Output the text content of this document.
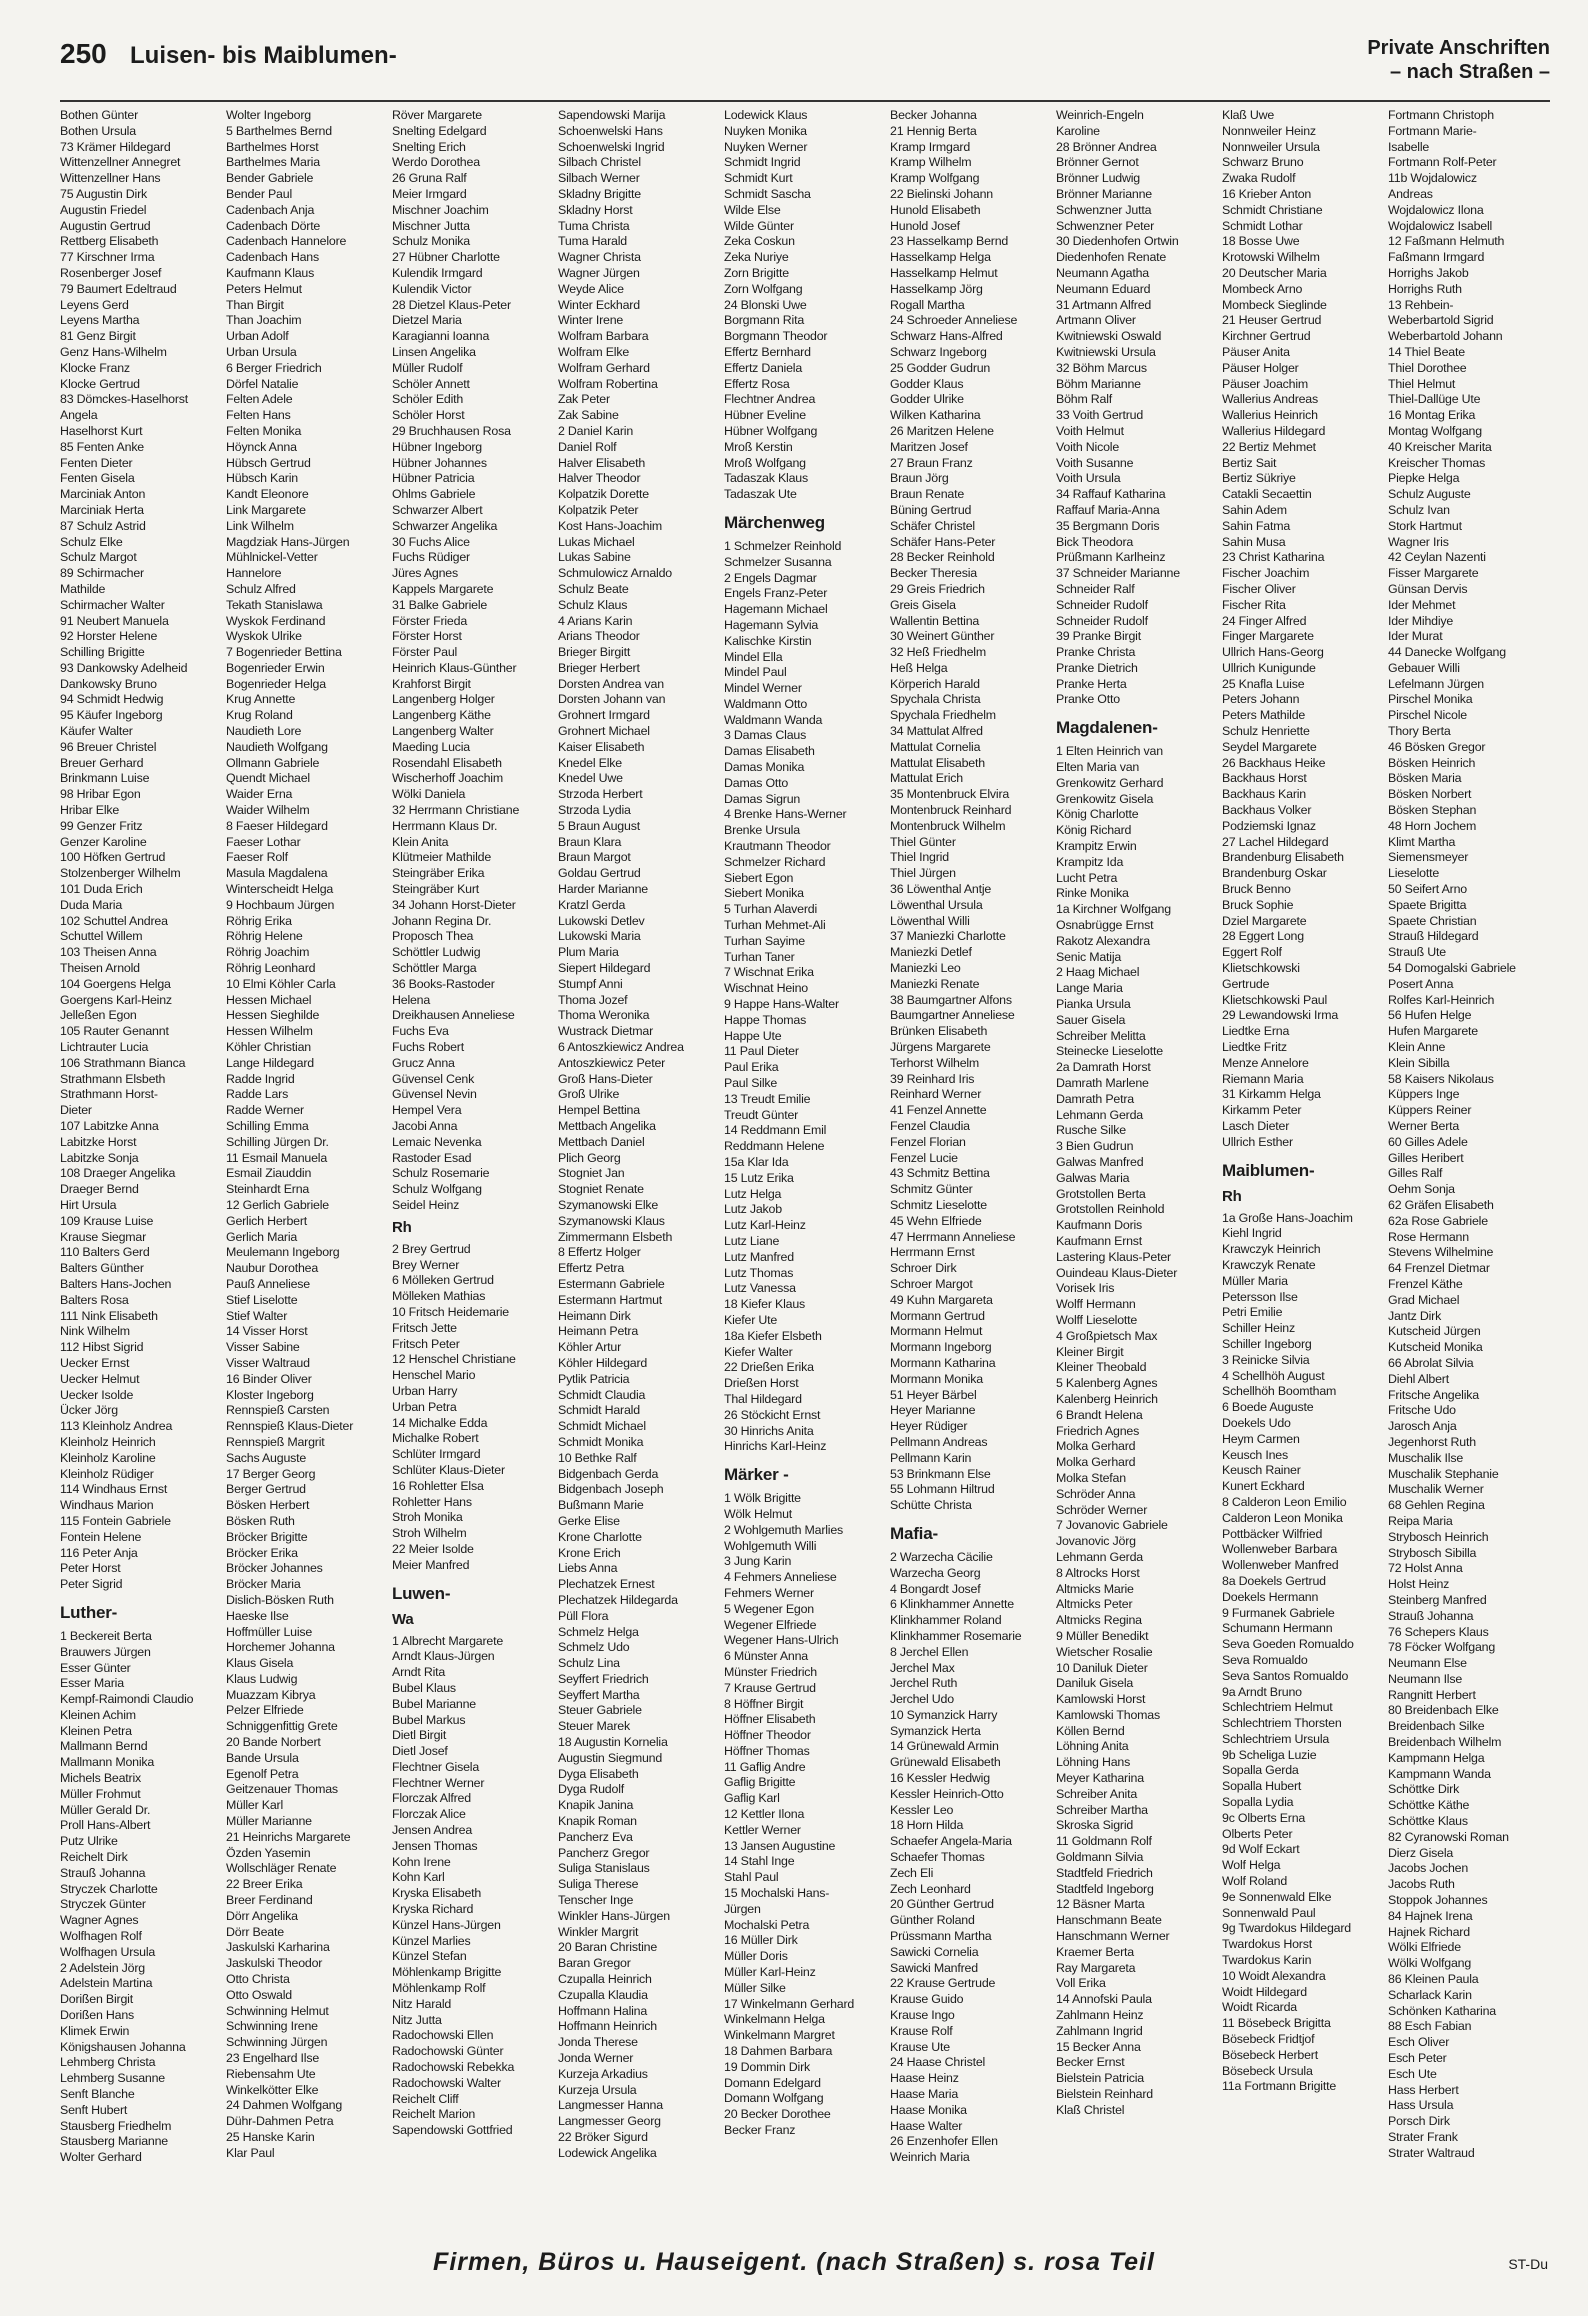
250 Luisen- bis Maiblumen-	Private Anschriften
– nach Straßen –
Bothen Günter
Bothen Ursula
73 Krämer Hildegard
Wittenzellner Annegret
Wittenzellner Hans
75 Augustin Dirk
Augustin Friedel
Augustin Gertrud
Rettberg Elisabeth
77 Kirschner Irma
Rosenberger Josef
79 Baumert Edeltraud
Leyens Gerd
Leyens Martha
81 Genz Birgit
Genz Hans-Wilhelm
Klocke Franz
Klocke Gertrud
83 Dömckes-Haselhorst
Angela
Haselhorst Kurt
85 Fenten Anke
Fenten Dieter
Fenten Gisela
Marciniak Anton
Marciniak Herta
87 Schulz Astrid
Schulz Elke
Schulz Margot
89 Schirmacher
Mathilde
Schirmacher Walter
91 Neubert Manuela
92 Horster Helene
Schilling Brigitte
93 Dankowsky Adelheid
Dankowsky Bruno
94 Schmidt Hedwig
95 Käufer Ingeborg
Käufer Walter
96 Breuer Christel
Breuer Gerhard
Brinkmann Luise
98 Hribar Egon
Hribar Elke
99 Genzer Fritz
Genzer Karoline
100 Höfken Gertrud
Stolzenberger Wilhelm
101 Duda Erich
Duda Maria
102 Schuttel Andrea
Schuttel Willem
103 Theisen Anna
Theisen Arnold
104 Goergens Helga
Goergens Karl-Heinz
Jelleßen Egon
105 Rauter Genannt
Lichtrauter Lucia
106 Strathmann Bianca
Strathmann Elsbeth
Strathmann Horst-
Dieter
107 Labitzke Anna
Labitzke Horst
Labitzke Sonja
108 Draeger Angelika
Draeger Bernd
Hirt Ursula
109 Krause Luise
Krause Siegmar
110 Balters Gerd
Balters Günther
Balters Hans-Jochen
Balters Rosa
111 Nink Elisabeth
Nink Wilhelm
112 Hibst Sigrid
Uecker Ernst
Uecker Helmut
Uecker Isolde
Ücker Jörg
113 Kleinholz Andrea
Kleinholz Heinrich
Kleinholz Karoline
Kleinholz Rüdiger
114 Windhaus Ernst
Windhaus Marion
115 Fontein Gabriele
Fontein Helene
116 Peter Anja
Peter Horst
Peter Sigrid
Luther-
1 Beckereit Berta
Brauwers Jürgen
Esser Günter
Esser Maria
Kempf-Raimondi Claudio
Kleinen Achim
Kleinen Petra
Mallmann Bernd
Mallmann Monika
Michels Beatrix
Müller Frohmut
Müller Gerald Dr.
Proll Hans-Albert
Putz Ulrike
Reichelt Dirk
Strauß Johanna
Stryczek Charlotte
Stryczek Günter
Wagner Agnes
Wolfhagen Rolf
Wolfhagen Ursula
2 Adelstein Jörg
Adelstein Martina
Dorißen Birgit
Dorißen Hans
Klimek Erwin
Königshausen Johanna
Lehmberg Christa
Lehmberg Susanne
Senft Blanche
Senft Hubert
Stausberg Friedhelm
Stausberg Marianne
Wolter Gerhard
Wolter Ingeborg
5 Barthelmes Bernd
Barthelmes Horst
Barthelmes Maria
Bender Gabriele
Bender Paul
Cadenbach Anja
Cadenbach Dörte
Cadenbach Hannelore
Cadenbach Hans
Kaufmann Klaus
Peters Helmut
Than Birgit
Than Joachim
Urban Adolf
Urban Ursula
6 Berger Friedrich
Dörfel Natalie
Felten Adele
Felten Hans
Felten Monika
Höynck Anna
Hübsch Gertrud
Hübsch Karin
Kandt Eleonore
Link Margarete
Link Wilhelm
Magdziak Hans-Jürgen
Mühlnickel-Vetter
Hannelore
Schulz Alfred
Tekath Stanislawa
Wyskok Ferdinand
Wyskok Ulrike
7 Bogenrieder Bettina
Bogenrieder Erwin
Bogenrieder Helga
Krug Annette
Krug Roland
Naudieth Lore
Naudieth Wolfgang
Ollmann Gabriele
Quendt Michael
Waider Erna
Waider Wilhelm
8 Faeser Hildegard
Faeser Lothar
Faeser Rolf
Masula Magdalena
Winterscheidt Helga
9 Hochbaum Jürgen
Röhrig Erika
Röhrig Helene
Röhrig Joachim
Röhrig Leonhard
10 Elmi Köhler Carla
Hessen Michael
Hessen Sieghilde
Hessen Wilhelm
Köhler Christian
Lange Hildegard
Radde Ingrid
Radde Lars
Radde Werner
Schilling Emma
Schilling Jürgen Dr.
11 Esmail Manuela
Esmail Ziauddin
Steinhardt Erna
12 Gerlich Gabriele
Gerlich Herbert
Gerlich Maria
Meulemann Ingeborg
Naubur Dorothea
Pauß Anneliese
Stief Liselotte
Stief Walter
14 Visser Horst
Visser Sabine
Visser Waltraud
16 Binder Oliver
Kloster Ingeborg
Rennspieß Carsten
Rennspieß Klaus-Dieter
Rennspieß Margrit
Sachs Auguste
17 Berger Georg
Berger Gertrud
Bösken Herbert
Bösken Ruth
Bröcker Brigitte
Bröcker Erika
Bröcker Johannes
Bröcker Maria
Dislich-Bösken Ruth
Haeske Ilse
Hoffmüller Luise
Horchemer Johanna
Klaus Gisela
Klaus Ludwig
Muazzam Kibrya
Pelzer Elfriede
Schniggenfittig Grete
20 Bande Norbert
Bande Ursula
Egenolf Petra
Geitzenauer Thomas
Müller Karl
Müller Marianne
21 Heinrichs Margarete
Özden Yasemin
Wollschläger Renate
22 Breer Erika
Breer Ferdinand
Dörr Angelika
Dörr Beate
Jaskulski Karharina
Jaskulski Theodor
Otto Christa
Otto Oswald
Schwinning Helmut
Schwinning Irene
Schwinning Jürgen
23 Engelhard Ilse
Riebensahm Ute
Winkelkötter Elke
24 Dahmen Wolfgang
Dühr-Dahmen Petra
25 Hanske Karin
Klar Paul
Röver Margarete
Snelting Edelgard
Snelting Erich
Werdo Dorothea
26 Gruna Ralf
Meier Irmgard
Mischner Joachim
Mischner Jutta
Schulz Monika
27 Hübner Charlotte
Kulendik Irmgard
Kulendik Victor
28 Dietzel Klaus-Peter
Dietzel Maria
Karagianni Ioanna
Linsen Angelika
Müller Rudolf
Schöler Annett
Schöler Edith
Schöler Horst
29 Bruchhausen Rosa
Hübner Ingeborg
Hübner Johannes
Hübner Patricia
Ohlms Gabriele
Schwarzer Albert
Schwarzer Angelika
30 Fuchs Alice
Fuchs Rüdiger
Jüres Agnes
Kappels Margarete
31 Balke Gabriele
Förster Frieda
Förster Horst
Förster Paul
Heinrich Klaus-Günther
Krahforst Birgit
Langenberg Holger
Langenberg Käthe
Langenberg Walter
Maeding Lucia
Rosendahl Elisabeth
Wischerhoff Joachim
Wölki Daniela
32 Herrmann Christiane
Herrmann Klaus Dr.
Klein Anita
Klütmeier Mathilde
Steingräber Erika
Steingräber Kurt
34 Johann Horst-Dieter
Johann Regina Dr.
Proposch Thea
Schöttler Ludwig
Schöttler Marga
36 Books-Rastoder
Helena
Dreikhausen Anneliese
Fuchs Eva
Fuchs Robert
Grucz Anna
Güvensel Cenk
Güvensel Nevin
Hempel Vera
Jacobi Anna
Lemaic Nevenka
Rastoder Esad
Schulz Rosemarie
Schulz Wolfgang
Seidel Heinz
Rh
2 Brey Gertrud
Brey Werner
6 Mölleken Gertrud
Mölleken Mathias
10 Fritsch Heidemarie
Fritsch Jette
Fritsch Peter
12 Henschel Christiane
Henschel Mario
Urban Harry
Urban Petra
14 Michalke Edda
Michalke Robert
Schlüter Irmgard
Schlüter Klaus-Dieter
16 Rohletter Elsa
Rohletter Hans
Stroh Monika
Stroh Wilhelm
22 Meier Isolde
Meier Manfred
Luwen-
Wa
1 Albrecht Margarete
Arndt Klaus-Jürgen
Arndt Rita
Bubel Klaus
Bubel Marianne
Bubel Markus
Dietl Birgit
Dietl Josef
Flechtner Gisela
Flechtner Werner
Florczak Alfred
Florczak Alice
Jensen Andrea
Jensen Thomas
Kohn Irene
Kohn Karl
Kryska Elisabeth
Kryska Richard
Künzel Hans-Jürgen
Künzel Marlies
Künzel Stefan
Möhlenkamp Brigitte
Möhlenkamp Rolf
Nitz Harald
Nitz Jutta
Radochowski Ellen
Radochowski Günter
Radochowski Rebekka
Radochowski Walter
Reichelt Cliff
Reichelt Marion
Sapendowski Gottfried
Sapendowski Marija
Schoenwelski Hans
Schoenwelski Ingrid
Silbach Christel
Silbach Werner
Skladny Brigitte
Skladny Horst
Tuma Christa
Tuma Harald
Wagner Christa
Wagner Jürgen
Weyde Alice
Winter Eckhard
Winter Irene
Wolfram Barbara
Wolfram Elke
Wolfram Gerhard
Wolfram Robertina
Zak Peter
Zak Sabine
2 Daniel Karin
Daniel Rolf
Halver Elisabeth
Halver Theodor
Kolpatzik Dorette
Kolpatzik Peter
Kost Hans-Joachim
Lukas Michael
Lukas Sabine
Schmulowicz Arnaldo
Schulz Beate
Schulz Klaus
4 Arians Karin
Arians Theodor
Brieger Birgitt
Brieger Herbert
Dorsten Andrea van
Dorsten Johann van
Grohnert Irmgard
Grohnert Michael
Kaiser Elisabeth
Knedel Elke
Knedel Uwe
Strzoda Herbert
Strzoda Lydia
5 Braun August
Braun Klara
Braun Margot
Goldau Gertrud
Harder Marianne
Kratzl Gerda
Lukowski Detlev
Lukowski Maria
Plum Maria
Siepert Hildegard
Stumpf Anni
Thoma Jozef
Thoma Weronika
Wustrack Dietmar
6 Antoszkiewicz Andrea
Antoszkiewicz Peter
Groß Hans-Dieter
Groß Ulrike
Hempel Bettina
Mettbach Angelika
Mettbach Daniel
Plich Georg
Stogniet Jan
Stogniet Renate
Szymanowski Elke
Szymanowski Klaus
Zimmermann Elsbeth
8 Effertz Holger
Effertz Petra
Estermann Gabriele
Estermann Hartmut
Heimann Dirk
Heimann Petra
Köhler Artur
Köhler Hildegard
Pytlik Patricia
Schmidt Claudia
Schmidt Harald
Schmidt Michael
Schmidt Monika
10 Bethke Ralf
Bidgenbach Gerda
Bidgenbach Joseph
Bußmann Marie
Gerke Elise
Krone Charlotte
Krone Erich
Liebs Anna
Plechatzek Ernest
Plechatzek Hildegarda
Püll Flora
Schmelz Helga
Schmelz Udo
Schulz Lina
Seyffert Friedrich
Seyffert Martha
Steuer Gabriele
Steuer Marek
18 Augustin Kornelia
Augustin Siegmund
Dyga Elisabeth
Dyga Rudolf
Knapik Janina
Knapik Roman
Pancherz Eva
Pancherz Gregor
Suliga Stanislaus
Suliga Therese
Tenscher Inge
Winkler Hans-Jürgen
Winkler Margrit
20 Baran Christine
Baran Gregor
Czupalla Heinrich
Czupalla Klaudia
Hoffmann Halina
Hoffmann Heinrich
Jonda Therese
Jonda Werner
Kurzeja Arkadius
Kurzeja Ursula
Langmesser Hanna
Langmesser Georg
22 Bröker Sigurd
Lodewick Angelika
Lodewick Klaus
Nuyken Monika
Nuyken Werner
Schmidt Ingrid
Schmidt Kurt
Schmidt Sascha
Wilde Else
Wilde Günter
Zeka Coskun
Zeka Nuriye
Zorn Brigitte
Zorn Wolfgang
24 Blonski Uwe
Borgmann Rita
Borgmann Theodor
Effertz Bernhard
Effertz Daniela
Effertz Rosa
Flechtner Andrea
Hübner Eveline
Hübner Wolfgang
Mroß Kerstin
Mroß Wolfgang
Tadaszak Klaus
Tadaszak Ute
Märchenweg
1 Schmelzer Reinhold
Schmelzer Susanna
2 Engels Dagmar
Engels Franz-Peter
Hagemann Michael
Hagemann Sylvia
Kalischke Kirstin
Mindel Ella
Mindel Paul
Mindel Werner
Waldmann Otto
Waldmann Wanda
3 Damas Claus
Damas Elisabeth
Damas Monika
Damas Otto
Damas Sigrun
4 Brenke Hans-Werner
Brenke Ursula
Krautmann Theodor
Schmelzer Richard
Siebert Egon
Siebert Monika
5 Turhan Alaverdi
Turhan Mehmet-Ali
Turhan Sayime
Turhan Taner
7 Wischnat Erika
Wischnat Heino
9 Happe Hans-Walter
Happe Thomas
Happe Ute
11 Paul Dieter
Paul Erika
Paul Silke
13 Treudt Emilie
Treudt Günter
14 Reddmann Emil
Reddmann Helene
15a Klar Ida
15 Lutz Erika
Lutz Helga
Lutz Jakob
Lutz Karl-Heinz
Lutz Liane
Lutz Manfred
Lutz Thomas
Lutz Vanessa
18 Kiefer Klaus
Kiefer Ute
18a Kiefer Elsbeth
Kiefer Walter
22 Drießen Erika
Drießen Horst
Thal Hildegard
26 Stöckicht Ernst
30 Hinrichs Anita
Hinrichs Karl-Heinz
Märker -
1 Wölk Brigitte
Wölk Helmut
2 Wohlgemuth Marlies
Wohlgemuth Willi
3 Jung Karin
4 Fehmers Anneliese
Fehmers Werner
5 Wegener Egon
Wegener Elfriede
Wegener Hans-Ulrich
6 Münster Anna
Münster Friedrich
7 Krause Gertrud
8 Höffner Birgit
Höffner Elisabeth
Höffner Theodor
Höffner Thomas
11 Gaflig Andre
Gaflig Brigitte
Gaflig Karl
12 Kettler Ilona
Kettler Werner
13 Jansen Augustine
14 Stahl Inge
Stahl Paul
15 Mochalski Hans-
Jürgen
Mochalski Petra
16 Müller Dirk
Müller Doris
Müller Karl-Heinz
Müller Silke
17 Winkelmann Gerhard
Winkelmann Helga
Winkelmann Margret
18 Dahmen Barbara
19 Dommin Dirk
Domann Edelgard
Domann Wolfgang
20 Becker Dorothee
Becker Franz
Becker Johanna
21 Hennig Berta
Kramp Irmgard
Kramp Wilhelm
Kramp Wolfgang
22 Bielinski Johann
Hunold Elisabeth
Hunold Josef
23 Hasselkamp Bernd
Hasselkamp Helga
Hasselkamp Helmut
Hasselkamp Jörg
Rogall Martha
24 Schroeder Anneliese
Schwarz Hans-Alfred
Schwarz Ingeborg
25 Godder Gudrun
Godder Klaus
Godder Ulrike
Wilken Katharina
26 Maritzen Helene
Maritzen Josef
27 Braun Franz
Braun Jörg
Braun Renate
Büning Gertrud
Schäfer Christel
Schäfer Hans-Peter
28 Becker Reinhold
Becker Theresia
29 Greis Friedrich
Greis Gisela
Wallentin Bettina
30 Weinert Günther
32 Heß Friedhelm
Heß Helga
Körperich Harald
Spychala Christa
Spychala Friedhelm
34 Mattulat Alfred
Mattulat Cornelia
Mattulat Elisabeth
Mattulat Erich
35 Montenbruck Elvira
Montenbruck Reinhard
Montenbruck Wilhelm
Thiel Günter
Thiel Ingrid
Thiel Jürgen
36 Löwenthal Antje
Löwenthal Ursula
Löwenthal Willi
37 Maniezki Charlotte
Maniezki Detlef
Maniezki Leo
Maniezki Renate
38 Baumgartner Alfons
Baumgartner Anneliese
Brünken Elisabeth
Jürgens Margarete
Terhorst Wilhelm
39 Reinhard Iris
Reinhard Werner
41 Fenzel Annette
Fenzel Claudia
Fenzel Florian
Fenzel Lucie
43 Schmitz Bettina
Schmitz Günter
Schmitz Lieselotte
45 Wehn Elfriede
47 Herrmann Anneliese
Herrmann Ernst
Schroer Dirk
Schroer Margot
49 Kuhn Margareta
Mormann Gertrud
Mormann Helmut
Mormann Ingeborg
Mormann Katharina
Mormann Monika
51 Heyer Bärbel
Heyer Marianne
Heyer Rüdiger
Pellmann Andreas
Pellmann Karin
53 Brinkmann Else
55 Lohmann Hiltrud
Schütte Christa
Mafia-
2 Warzecha Cäcilie
Warzecha Georg
4 Bongardt Josef
6 Klinkhammer Annette
Klinkhammer Roland
Klinkhammer Rosemarie
8 Jerchel Ellen
Jerchel Max
Jerchel Ruth
Jerchel Udo
10 Symanzick Harry
Symanzick Herta
14 Grünewald Armin
Grünewald Elisabeth
16 Kessler Hedwig
Kessler Heinrich-Otto
Kessler Leo
18 Horn Hilda
Schaefer Angela-Maria
Schaefer Thomas
Zech Eli
Zech Leonhard
20 Günther Gertrud
Günther Roland
Prüssmann Martha
Sawicki Cornelia
Sawicki Manfred
22 Krause Gertrude
Krause Guido
Krause Ingo
Krause Rolf
Krause Ute
24 Haase Christel
Haase Heinz
Haase Maria
Haase Monika
Haase Walter
26 Enzenhofer Ellen
Weinrich Maria
Weinrich-Engeln
Karoline
28 Brönner Andrea
Brönner Gernot
Brönner Ludwig
Brönner Marianne
Schwenzner Jutta
Schwenzner Peter
30 Diedenhofen Ortwin
Diedenhofen Renate
Neumann Agatha
Neumann Eduard
31 Artmann Alfred
Artmann Oliver
Kwitniewski Oswald
Kwitniewski Ursula
32 Böhm Marcus
Böhm Marianne
Böhm Ralf
33 Voith Gertrud
Voith Helmut
Voith Nicole
Voith Susanne
Voith Ursula
34 Raffauf Katharina
Raffauf Maria-Anna
35 Bergmann Doris
Bick Theodora
Prüßmann Karlheinz
37 Schneider Marianne
Schneider Ralf
Schneider Rudolf
Schneider Rudolf
39 Pranke Birgit
Pranke Christa
Pranke Dietrich
Pranke Herta
Pranke Otto
Magdalenen-
1 Elten Heinrich van
Elten Maria van
Grenkowitz Gerhard
Grenkowitz Gisela
König Charlotte
König Richard
Krampitz Erwin
Krampitz Ida
Lucht Petra
Rinke Monika
1a Kirchner Wolfgang
Osnabrügge Ernst
Rakotz Alexandra
Senic Matija
2 Haag Michael
Lange Maria
Pianka Ursula
Sauer Gisela
Schreiber Melitta
Steinecke Lieselotte
2a Damrath Horst
Damrath Marlene
Damrath Petra
Lehmann Gerda
Rusche Silke
3 Bien Gudrun
Galwas Manfred
Galwas Maria
Grotstollen Berta
Grotstollen Reinhold
Kaufmann Doris
Kaufmann Ernst
Lastering Klaus-Peter
Ouindeau Klaus-Dieter
Vorisek Iris
Wolff Hermann
Wolff Lieselotte
4 Großpietsch Max
Kleiner Birgit
Kleiner Theobald
5 Kalenberg Agnes
Kalenberg Heinrich
6 Brandt Helena
Friedrich Agnes
Molka Gerhard
Molka Gerhard
Molka Stefan
Schröder Anna
Schröder Werner
7 Jovanovic Gabriele
Jovanovic Jörg
Lehmann Gerda
8 Altrocks Horst
Altmicks Marie
Altmicks Peter
Altmicks Regina
9 Müller Benedikt
Wietscher Rosalie
10 Daniluk Dieter
Daniluk Gisela
Kamlowski Horst
Kamlowski Thomas
Köllen Bernd
Löhning Anita
Löhning Hans
Meyer Katharina
Schreiber Anita
Schreiber Martha
Skroska Sigrid
11 Goldmann Rolf
Goldmann Silvia
Stadtfeld Friedrich
Stadtfeld Ingeborg
12 Bäsner Marta
Hanschmann Beate
Hanschmann Werner
Kraemer Berta
Ray Margareta
Voll Erika
14 Annofski Paula
Zahlmann Heinz
Zahlmann Ingrid
15 Becker Anna
Becker Ernst
Bielstein Patricia
Bielstein Reinhard
Klaß Christel
Klaß Uwe
Nonnweiler Heinz
Nonnweiler Ursula
Schwarz Bruno
Zwaka Rudolf
16 Krieber Anton
Schmidt Christiane
Schmidt Lothar
18 Bosse Uwe
Krotowski Wilhelm
20 Deutscher Maria
Mombeck Arno
Mombeck Sieglinde
21 Heuser Gertrud
Kirchner Gertrud
Päuser Anita
Päuser Holger
Päuser Joachim
Wallerius Andreas
Wallerius Heinrich
Wallerius Hildegard
22 Bertiz Mehmet
Bertiz Sait
Bertiz Sükriye
Catakli Secaettin
Sahin Adem
Sahin Fatma
Sahin Musa
23 Christ Katharina
Fischer Joachim
Fischer Oliver
Fischer Rita
24 Finger Alfred
Finger Margarete
Ullrich Hans-Georg
Ullrich Kunigunde
25 Knafla Luise
Peters Johann
Peters Mathilde
Schulz Henriette
Seydel Margarete
26 Backhaus Heike
Backhaus Horst
Backhaus Karin
Backhaus Volker
Podziemski Ignaz
27 Lachel Hildegard
Brandenburg Elisabeth
Brandenburg Oskar
Bruck Benno
Bruck Sophie
Dziel Margarete
28 Eggert Long
Eggert Rolf
Klietschkowski
Gertrude
Klietschkowski Paul
29 Lewandowski Irma
Liedtke Erna
Liedtke Fritz
Menze Annelore
Riemann Maria
31 Kirkamm Helga
Kirkamm Peter
Lasch Dieter
Ullrich Esther
Maiblumen-
Rh
1a Große Hans-Joachim
Kiehl Ingrid
Krawczyk Heinrich
Krawczyk Renate
Müller Maria
Petersson Ilse
Petri Emilie
Schiller Heinz
Schiller Ingeborg
3 Reinicke Silvia
4 Schellhöh August
Schellhöh Boomtham
6 Boede Auguste
Doekels Udo
Heym Carmen
Keusch Ines
Keusch Rainer
Kunert Eckhard
8 Calderon Leon Emilio
Calderon Leon Monika
Pottbäcker Wilfried
Wollenweber Barbara
Wollenweber Manfred
8a Doekels Gertrud
Doekels Hermann
9 Furmanek Gabriele
Schumann Hermann
Seva Goeden Romualdo
Seva Romualdo
Seva Santos Romualdo
9a Arndt Bruno
Schlechtriem Helmut
Schlechtriem Thorsten
Schlechtriem Ursula
9b Scheliga Luzie
Sopalla Gerda
Sopalla Hubert
Sopalla Lydia
9c Olberts Erna
Olberts Peter
9d Wolf Eckart
Wolf Helga
Wolf Roland
9e Sonnenwald Elke
Sonnenwald Paul
9g Twardokus Hildegard
Twardokus Horst
Twardokus Karin
10 Woidt Alexandra
Woidt Hildegard
Woidt Ricarda
11 Bösebeck Brigitta
Bösebeck Fridtjof
Bösebeck Herbert
Bösebeck Ursula
11a Fortmann Brigitte
Fortmann Christoph
Fortmann Marie-
Isabelle
Fortmann Rolf-Peter
11b Wojdalowicz
Andreas
Wojdalowicz Ilona
Wojdalowicz Isabell
12 Faßmann Helmuth
Faßmann Irmgard
Horrighs Jakob
Horrighs Ruth
13 Rehbein-
Weberbartold Sigrid
Weberbartold Johann
14 Thiel Beate
Thiel Dorothee
Thiel Helmut
Thiel-Dallüge Ute
16 Montag Erika
Montag Wolfgang
40 Kreischer Marita
Kreischer Thomas
Piepke Helga
Schulz Auguste
Schulz Ivan
Stork Hartmut
Wagner Iris
42 Ceylan Nazenti
Fisser Margarete
Günsan Dervis
Ider Mehmet
Ider Mihdiye
Ider Murat
44 Danecke Wolfgang
Gebauer Willi
Lefelmann Jürgen
Pirschel Monika
Pirschel Nicole
Thory Berta
46 Bösken Gregor
Bösken Heinrich
Bösken Maria
Bösken Norbert
Bösken Stephan
48 Horn Jochem
Klimt Martha
Siemensmeyer
Lieselotte
50 Seifert Arno
Spaete Brigitta
Spaete Christian
Strauß Hildegard
Strauß Ute
54 Domogalski Gabriele
Posert Anna
Rolfes Karl-Heinrich
56 Hufen Helge
Hufen Margarete
Klein Anne
Klein Sibilla
58 Kaisers Nikolaus
Küppers Inge
Küppers Reiner
Werner Berta
60 Gilles Adele
Gilles Heribert
Gilles Ralf
Oehm Sonja
62 Gräfen Elisabeth
62a Rose Gabriele
Rose Hermann
Stevens Wilhelmine
64 Frenzel Dietmar
Frenzel Käthe
Grad Michael
Jantz Dirk
Kutscheid Jürgen
Kutscheid Monika
66 Abrolat Silvia
Diehl Albert
Fritsche Angelika
Fritsche Udo
Jarosch Anja
Jegenhorst Ruth
Muschalik Ilse
Muschalik Stephanie
Muschalik Werner
68 Gehlen Regina
Reipa Maria
Strybosch Heinrich
Strybosch Sibilla
72 Holst Anna
Holst Heinz
Steinberg Manfred
Strauß Johanna
76 Schepers Klaus
78 Föcker Wolfgang
Neumann Else
Neumann Ilse
Rangnitt Herbert
80 Breidenbach Elke
Breidenbach Silke
Breidenbach Wilhelm
Kampmann Helga
Kampmann Wanda
Schöttke Dirk
Schöttke Käthe
Schöttke Klaus
82 Cyranowski Roman
Dierz Gisela
Jacobs Jochen
Jacobs Ruth
Stoppok Johannes
84 Hajnek Irena
Hajnek Richard
Wölki Elfriede
Wölki Wolfgang
86 Kleinen Paula
Scharlack Karin
Schönken Katharina
88 Esch Fabian
Esch Oliver
Esch Peter
Esch Ute
Hass Herbert
Hass Ursula
Porsch Dirk
Strater Frank
Strater Waltraud
Firmen, Büros u. Hauseigent. (nach Straßen) s. rosa Teil	ST-Du
